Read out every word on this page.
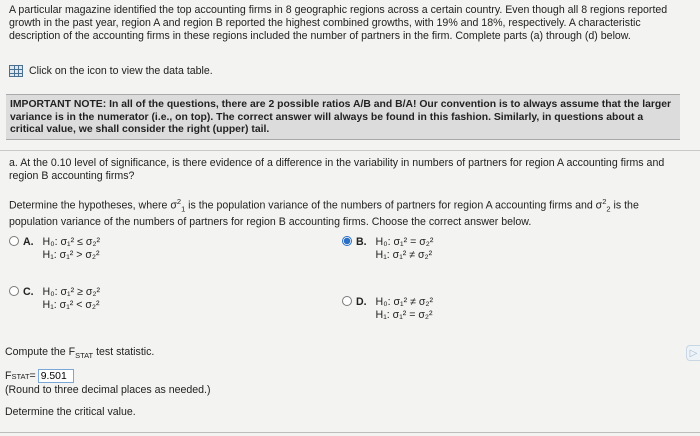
A particular magazine identified the top accounting firms in 8 geographic regions across a certain country. Even though all 8 regions reported growth in the past year, region A and region B reported the highest combined growths, with 19% and 18%, respectively. A characteristic description of the accounting firms in these regions included the number of partners in the firm. Complete parts (a) through (d) below.
Click on the icon to view the data table.
IMPORTANT NOTE: In all of the questions, there are 2 possible ratios A/B and B/A! Our convention is to always assume that the larger variance is in the numerator (i.e., on top). The correct answer will always be found in this fashion. Similarly, in questions about a critical value, we shall consider the right (upper) tail.
a. At the 0.10 level of significance, is there evidence of a difference in the variability in numbers of partners for region A accounting firms and region B accounting firms?
Determine the hypotheses, where $\sigma^2_1$ is the population variance of the numbers of partners for region A accounting firms and $\sigma^2_2$ is the population variance of the numbers of partners for region B accounting firms. Choose the correct answer below.
A. H₀: σ₁² ≤ σ₂²
H₁: σ₁² > σ₂²
B. H₀: σ₁² = σ₂²
H₁: σ₁² ≠ σ₂²
C. H₀: σ₁² ≥ σ₂²
H₁: σ₁² < σ₂²	D. H₀: σ₁² ≠ σ₂²
H₁: σ₁² = σ₂²
Compute the $F_{STAT}$ test statistic.
F STAT =
9.501
(Round to three decimal places as needed.)
Determine the critical value.
▷
